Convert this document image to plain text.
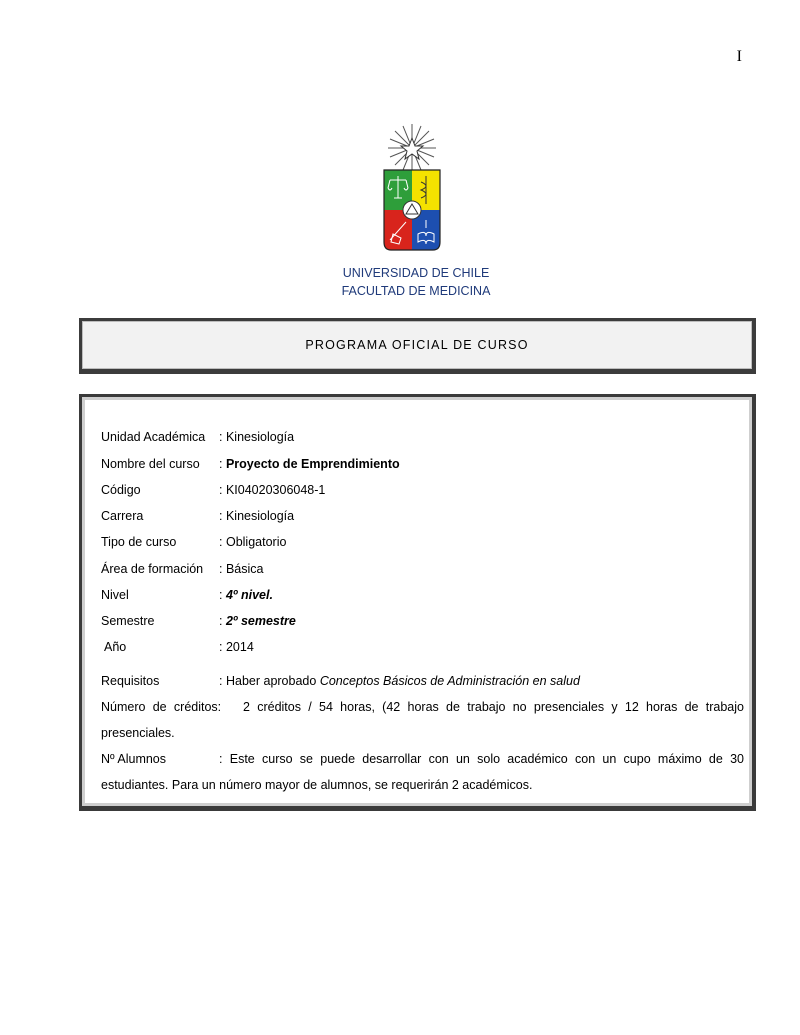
I
UNIVERSIDAD DE CHILE
FACULTAD DE MEDICINA
PROGRAMA OFICIAL DE CURSO
Unidad Académica : Kinesiología
Nombre del curso : Proyecto de Emprendimiento
Código	: KI04020306048-1
Carrera	: Kinesiología
Tipo de curso	: Obligatorio
Área de formación : Básica
Nivel	: 4º nivel.
Semestre	: 2º semestre
Año	: 2014
Requisitos	: Haber aprobado Conceptos Básicos de Administración en salud
Número de créditos: 2 créditos / 54 horas, (42 horas de trabajo no presenciales y 12 horas de trabajo presenciales.
Nº Alumnos	: Este curso se puede desarrollar con un solo académico con un cupo máximo de 30 estudiantes. Para un número mayor de alumnos, se requerirán 2 académicos.
